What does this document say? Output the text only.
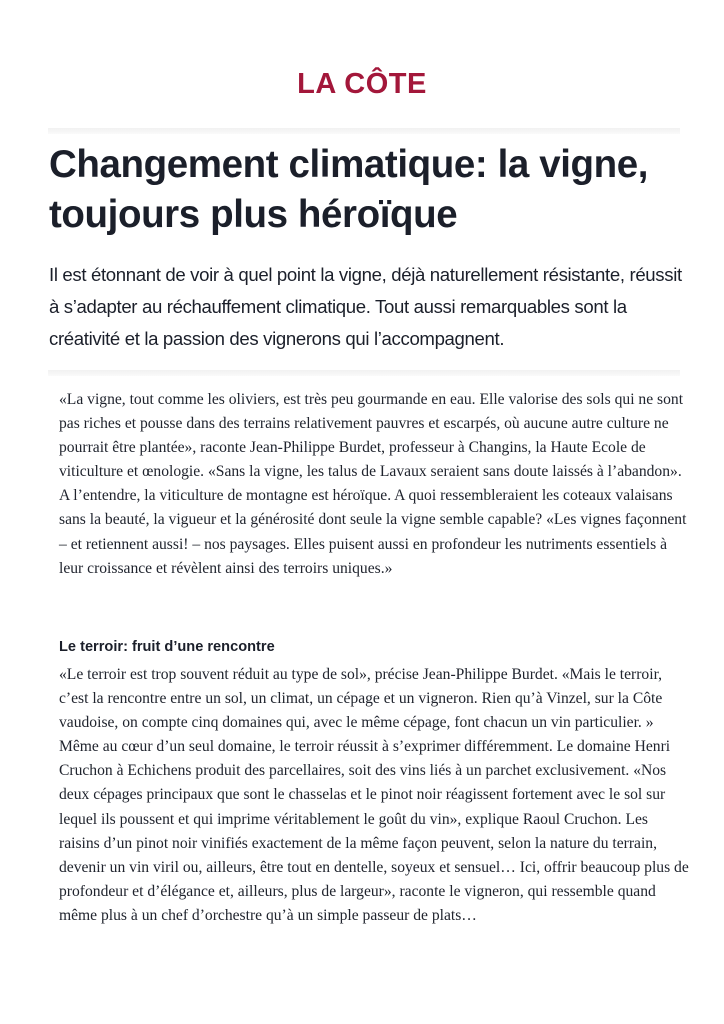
LA CÔTE
Changement climatique: la vigne, toujours plus héroïque

Il est étonnant de voir à quel point la vigne, déjà naturellement résistante, réussit à s’adapter au réchauffement climatique. Tout aussi remarquables sont la créativité et la passion des vignerons qui l’accompagnent.

«La vigne, tout comme les oliviers, est très peu gourmande en eau. Elle valorise des sols qui ne sont pas riches et pousse dans des terrains relativement pauvres et escarpés, où aucune autre culture ne pourrait être plantée», raconte Jean-Philippe Burdet, professeur à Changins, la Haute Ecole de viticulture et œnologie. «Sans la vigne, les talus de Lavaux seraient sans doute laissés à l’abandon». A l’entendre, la viticulture de montagne est héroïque. A quoi ressembleraient les coteaux valaisans sans la beauté, la vigueur et la générosité dont seule la vigne semble capable? «Les vignes façonnent – et retiennent aussi! – nos paysages. Elles puisent aussi en profondeur les nutriments essentiels à leur croissance et révèlent ainsi des terroirs uniques.»

Le terroir: fruit d’une rencontre

«Le terroir est trop souvent réduit au type de sol», précise Jean-Philippe Burdet. «Mais le terroir, c’est la rencontre entre un sol, un climat, un cépage et un vigneron. Rien qu’à Vinzel, sur la Côte vaudoise, on compte cinq domaines qui, avec le même cépage, font chacun un vin particulier. » Même au cœur d’un seul domaine, le terroir réussit à s’exprimer différemment. Le domaine Henri Cruchon à Echichens produit des parcellaires, soit des vins liés à un parchet exclusivement. «Nos deux cépages principaux que sont le chasselas et le pinot noir réagissent fortement avec le sol sur lequel ils poussent et qui imprime véritablement le goût du vin», explique Raoul Cruchon. Les raisins d’un pinot noir vinifiés exactement de la même façon peuvent, selon la nature du terrain, devenir un vin viril ou, ailleurs, être tout en dentelle, soyeux et sensuel… Ici, offrir beaucoup plus de profondeur et d’élégance et, ailleurs, plus de largeur», raconte le vigneron, qui ressemble quand même plus à un chef d’orchestre qu’à un simple passeur de plats…
